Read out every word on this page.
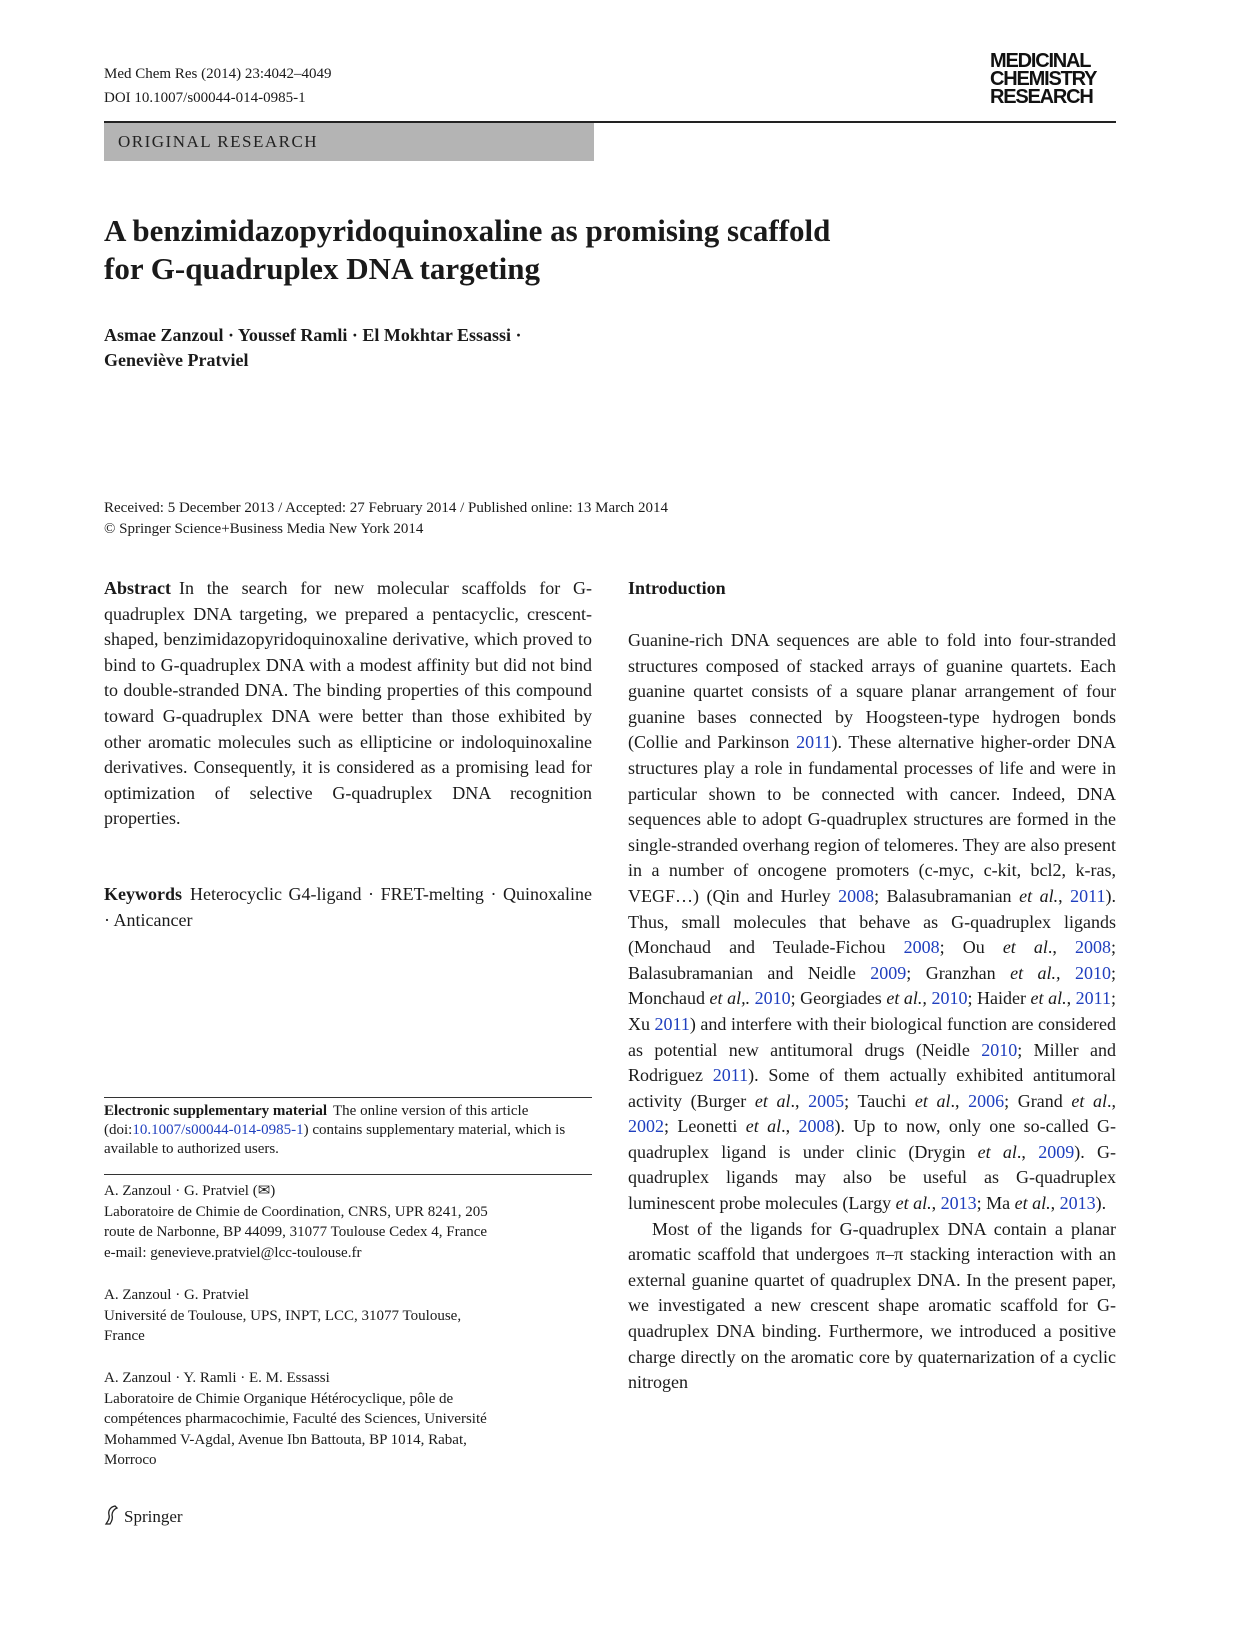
Med Chem Res (2014) 23:4042–4049
DOI 10.1007/s00044-014-0985-1
MEDICINAL
CHEMISTRY
RESEARCH
ORIGINAL RESEARCH
A benzimidazopyridoquinoxaline as promising scaffold
for G-quadruplex DNA targeting
Asmae Zanzoul · Youssef Ramli · El Mokhtar Essassi ·
Geneviève Pratviel
Received: 5 December 2013 / Accepted: 27 February 2014 / Published online: 13 March 2014
© Springer Science+Business Media New York 2014
Abstract In the search for new molecular scaffolds for G-quadruplex DNA targeting, we prepared a pentacyclic, crescent-shaped, benzimidazopyridoquinoxaline derivative, which proved to bind to G-quadruplex DNA with a modest affinity but did not bind to double-stranded DNA. The binding properties of this compound toward G-quadruplex DNA were better than those exhibited by other aromatic molecules such as ellipticine or indoloquinoxaline derivatives. Consequently, it is considered as a promising lead for optimization of selective G-quadruplex DNA recognition properties.
Keywords Heterocyclic G4-ligand · FRET-melting · Quinoxaline · Anticancer
Electronic supplementary material The online version of this article (doi:10.1007/s00044-014-0985-1) contains supplementary material, which is available to authorized users.
A. Zanzoul · G. Pratviel (✉)
Laboratoire de Chimie de Coordination, CNRS, UPR 8241, 205
route de Narbonne, BP 44099, 31077 Toulouse Cedex 4, France
e-mail: genevieve.pratviel@lcc-toulouse.fr
A. Zanzoul · G. Pratviel
Université de Toulouse, UPS, INPT, LCC, 31077 Toulouse,
France
A. Zanzoul · Y. Ramli · E. M. Essassi
Laboratoire de Chimie Organique Hétérocyclique, pôle de
compétences pharmacochimie, Faculté des Sciences, Université
Mohammed V-Agdal, Avenue Ibn Battouta, BP 1014, Rabat,
Morroco
Introduction

Guanine-rich DNA sequences are able to fold into four-stranded structures composed of stacked arrays of guanine quartets. Each guanine quartet consists of a square planar arrangement of four guanine bases connected by Hoogsteen-type hydrogen bonds (Collie and Parkinson 2011). These alternative higher-order DNA structures play a role in fundamental processes of life and were in particular shown to be connected with cancer. Indeed, DNA sequences able to adopt G-quadruplex structures are formed in the single-stranded overhang region of telomeres. They are also present in a number of oncogene promoters (c-myc, c-kit, bcl2, k-ras, VEGF…) (Qin and Hurley 2008; Balasubramanian et al., 2011). Thus, small molecules that behave as G-quadruplex ligands (Monchaud and Teulade-Fichou 2008; Ou et al., 2008; Balasubramanian and Neidle 2009; Granzhan et al., 2010; Monchaud et al,. 2010; Georgiades et al., 2010; Haider et al., 2011; Xu 2011) and interfere with their biological function are considered as potential new antitumoral drugs (Neidle 2010; Miller and Rodriguez 2011). Some of them actually exhibited antitumoral activity (Burger et al., 2005; Tauchi et al., 2006; Grand et al., 2002; Leonetti et al., 2008). Up to now, only one so-called G-quadruplex ligand is under clinic (Drygin et al., 2009). G-quadruplex ligands may also be useful as G-quadruplex luminescent probe molecules (Largy et al., 2013; Ma et al., 2013).

Most of the ligands for G-quadruplex DNA contain a planar aromatic scaffold that undergoes π–π stacking interaction with an external guanine quartet of quadruplex DNA. In the present paper, we investigated a new crescent shape aromatic scaffold for G-quadruplex DNA binding. Furthermore, we introduced a positive charge directly on the aromatic core by quaternarization of a cyclic nitrogen

Springer
